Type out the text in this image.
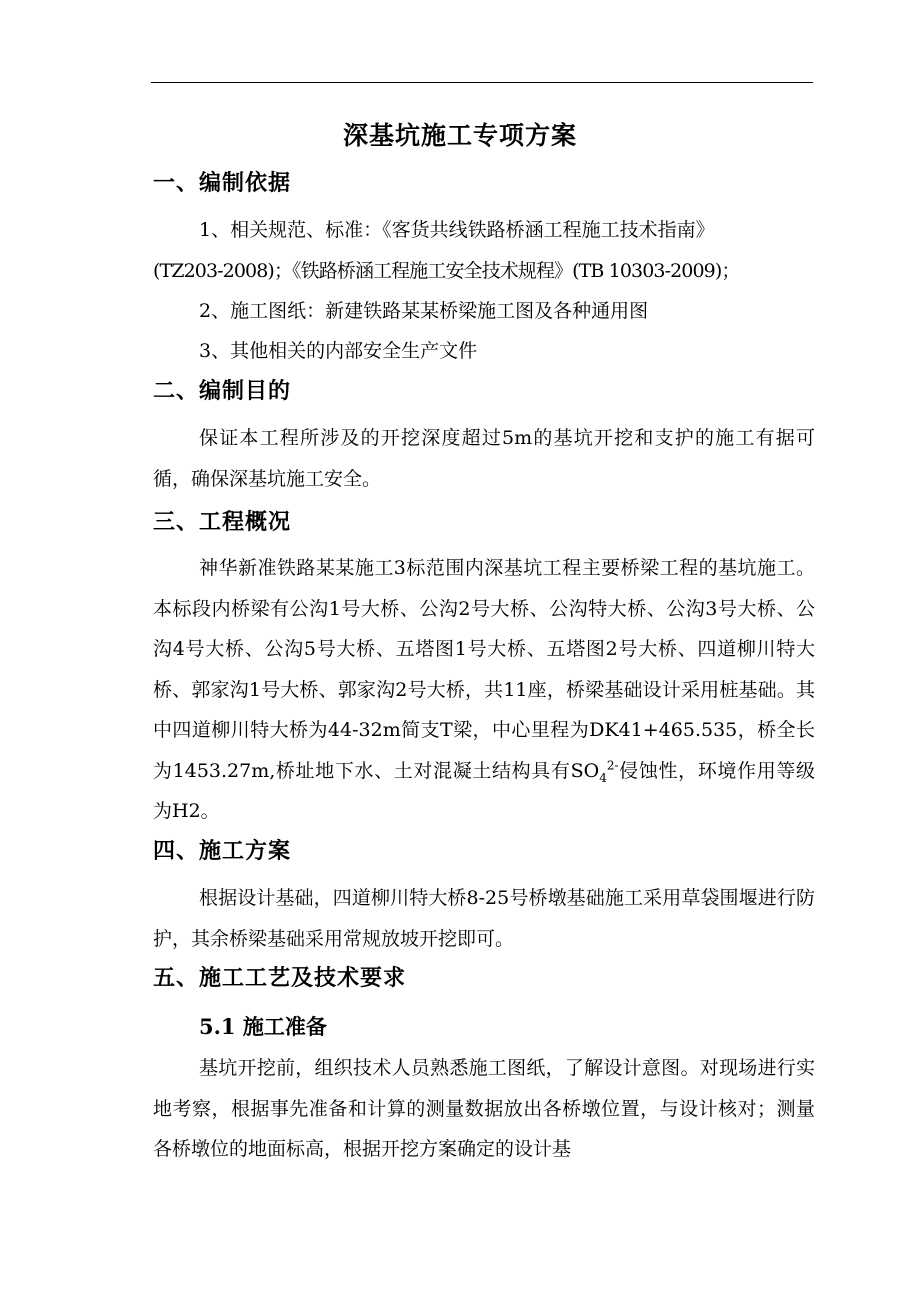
深基坑施工专项方案
一、编制依据
1、相关规范、标准：《客货共线铁路桥涵工程施工技术指南》
(TZ203-2008)；《铁路桥涵工程施工安全技术规程》(TB 10303-2009)；
2、施工图纸：新建铁路某某桥梁施工图及各种通用图
3、其他相关的内部安全生产文件
二、编制目的
保证本工程所涉及的开挖深度超过5m的基坑开挖和支护的施工有据可循，确保深基坑施工安全。
三、工程概况
神华新准铁路某某施工3标范围内深基坑工程主要桥梁工程的基坑施工。本标段内桥梁有公沟1号大桥、公沟2号大桥、公沟特大桥、公沟3号大桥、公沟4号大桥、公沟5号大桥、五塔图1号大桥、五塔图2号大桥、四道柳川特大桥、郭家沟1号大桥、郭家沟2号大桥，共11座，桥梁基础设计采用桩基础。其中四道柳川特大桥为44-32m简支T梁，中心里程为DK41+465.535，桥全长为1453.27m,桥址地下水、土对混凝土结构具有$SO_4^{2-}$侵蚀性，环境作用等级为H2。
四、施工方案
根据设计基础，四道柳川特大桥8-25号桥墩基础施工采用草袋围堰进行防护，其余桥梁基础采用常规放坡开挖即可。
五、施工工艺及技术要求
5.1 施工准备
基坑开挖前，组织技术人员熟悉施工图纸，了解设计意图。对现场进行实地考察，根据事先准备和计算的测量数据放出各桥墩位置，与设计核对；测量各桥墩位的地面标高，根据开挖方案确定的设计基
